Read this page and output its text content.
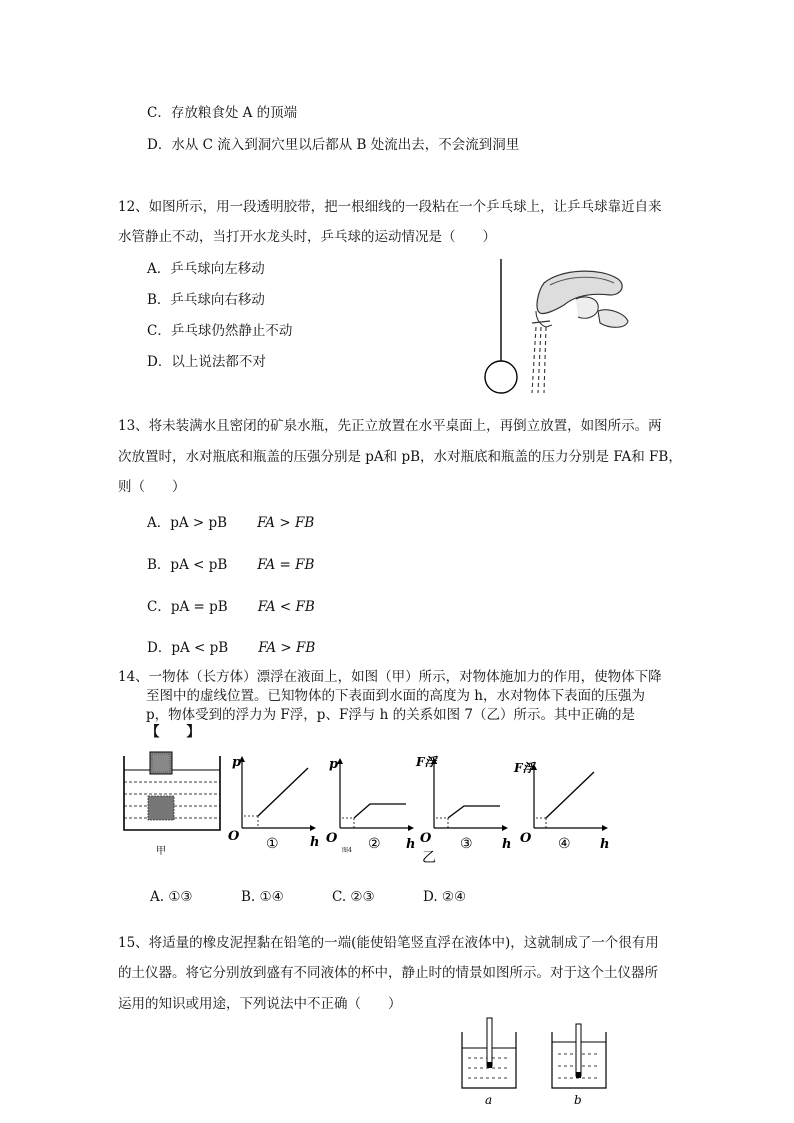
C．存放粮食处 A 的顶端
D．水从 C 流入到洞穴里以后都从 B 处流出去，不会流到洞里
12、如图所示，用一段透明胶带，把一根细线的一段粘在一个乒乓球上，让乒乓球靠近自来
水管静止不动，当打开水龙头时，乒乓球的运动情况是（　　）
A．乒乓球向左移动
B．乒乓球向右移动
C．乒乓球仍然静止不动
D．以上说法都不对
13、将未装满水且密闭的矿泉水瓶，先正立放置在水平桌面上，再倒立放置，如图所示。两
次放置时，水对瓶底和瓶盖的压强分别是 pA和 pB，水对瓶底和瓶盖的压力分别是 FA和 FB，
则（　　）
A．pA > pB FA > FB
B．pA < pB FA = FB
C．pA = pB FA < FB
D．pA < pB FA > FB
14、一物体（长方体）漂浮在液面上，如图（甲）所示，对物体施加力的作用，使物体下降
至图中的虚线位置。已知物体的下表面到水面的高度为 h，水对物体下表面的压强为
p，物体受到的浮力为 F浮，p、F浮与 h 的关系如图 7（乙）所示。其中正确的是
【　　】
甲
p
O ① h
p
O
图4 ② h
F浮
O
乙
③ h
F浮
O ④ h
A. ①③	B. ①④	C. ②③	D. ②④
15、将适量的橡皮泥捏黏在铅笔的一端(能使铅笔竖直浮在液体中)，这就制成了一个很有用
的土仪器。将它分别放到盛有不同液体的杯中，静止时的情景如图所示。对于这个土仪器所
运用的知识或用途，下列说法中不正确（　　）
a	b
